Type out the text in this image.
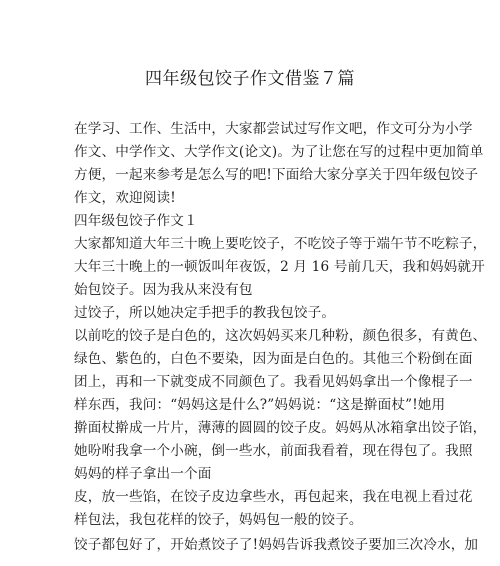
四年级包饺子作文借鉴７篇
在学习、工作、生活中，大家都尝试过写作文吧，作文可分为小学
作文、中学作文、大学作文(论文)。为了让您在写的过程中更加简单
方便，一起来参考是怎么写的吧!下面给大家分享关于四年级包饺子
作文，欢迎阅读!
四年级包饺子作文１
大家都知道大年三十晚上要吃饺子，不吃饺子等于端午节不吃粽子，
大年三十晚上的一顿饭叫年夜饭，2 月 16 号前几天，我和妈妈就开
始包饺子。因为我从来没有包
过饺子，所以她决定手把手的教我包饺子。
以前吃的饺子是白色的，这次妈妈买来几种粉，颜色很多，有黄色、
绿色、紫色的，白色不要染，因为面是白色的。其他三个粉倒在面
团上，再和一下就变成不同颜色了。我看见妈妈拿出一个像棍子一
样东西，我问：“妈妈这是什么?”妈妈说：“这是擀面杖”!她用
擀面杖擀成一片片，薄薄的圆圆的饺子皮。妈妈从冰箱拿出饺子馅，
她吩咐我拿一个小碗，倒一些水，前面我看着，现在得包了。我照
妈妈的样子拿出一个面
皮，放一些馅，在饺子皮边拿些水，再包起来，我在电视上看过花
样包法，我包花样的饺子，妈妈包一般的饺子。
饺子都包好了，开始煮饺子了!妈妈告诉我煮饺子要加三次冷水，加
